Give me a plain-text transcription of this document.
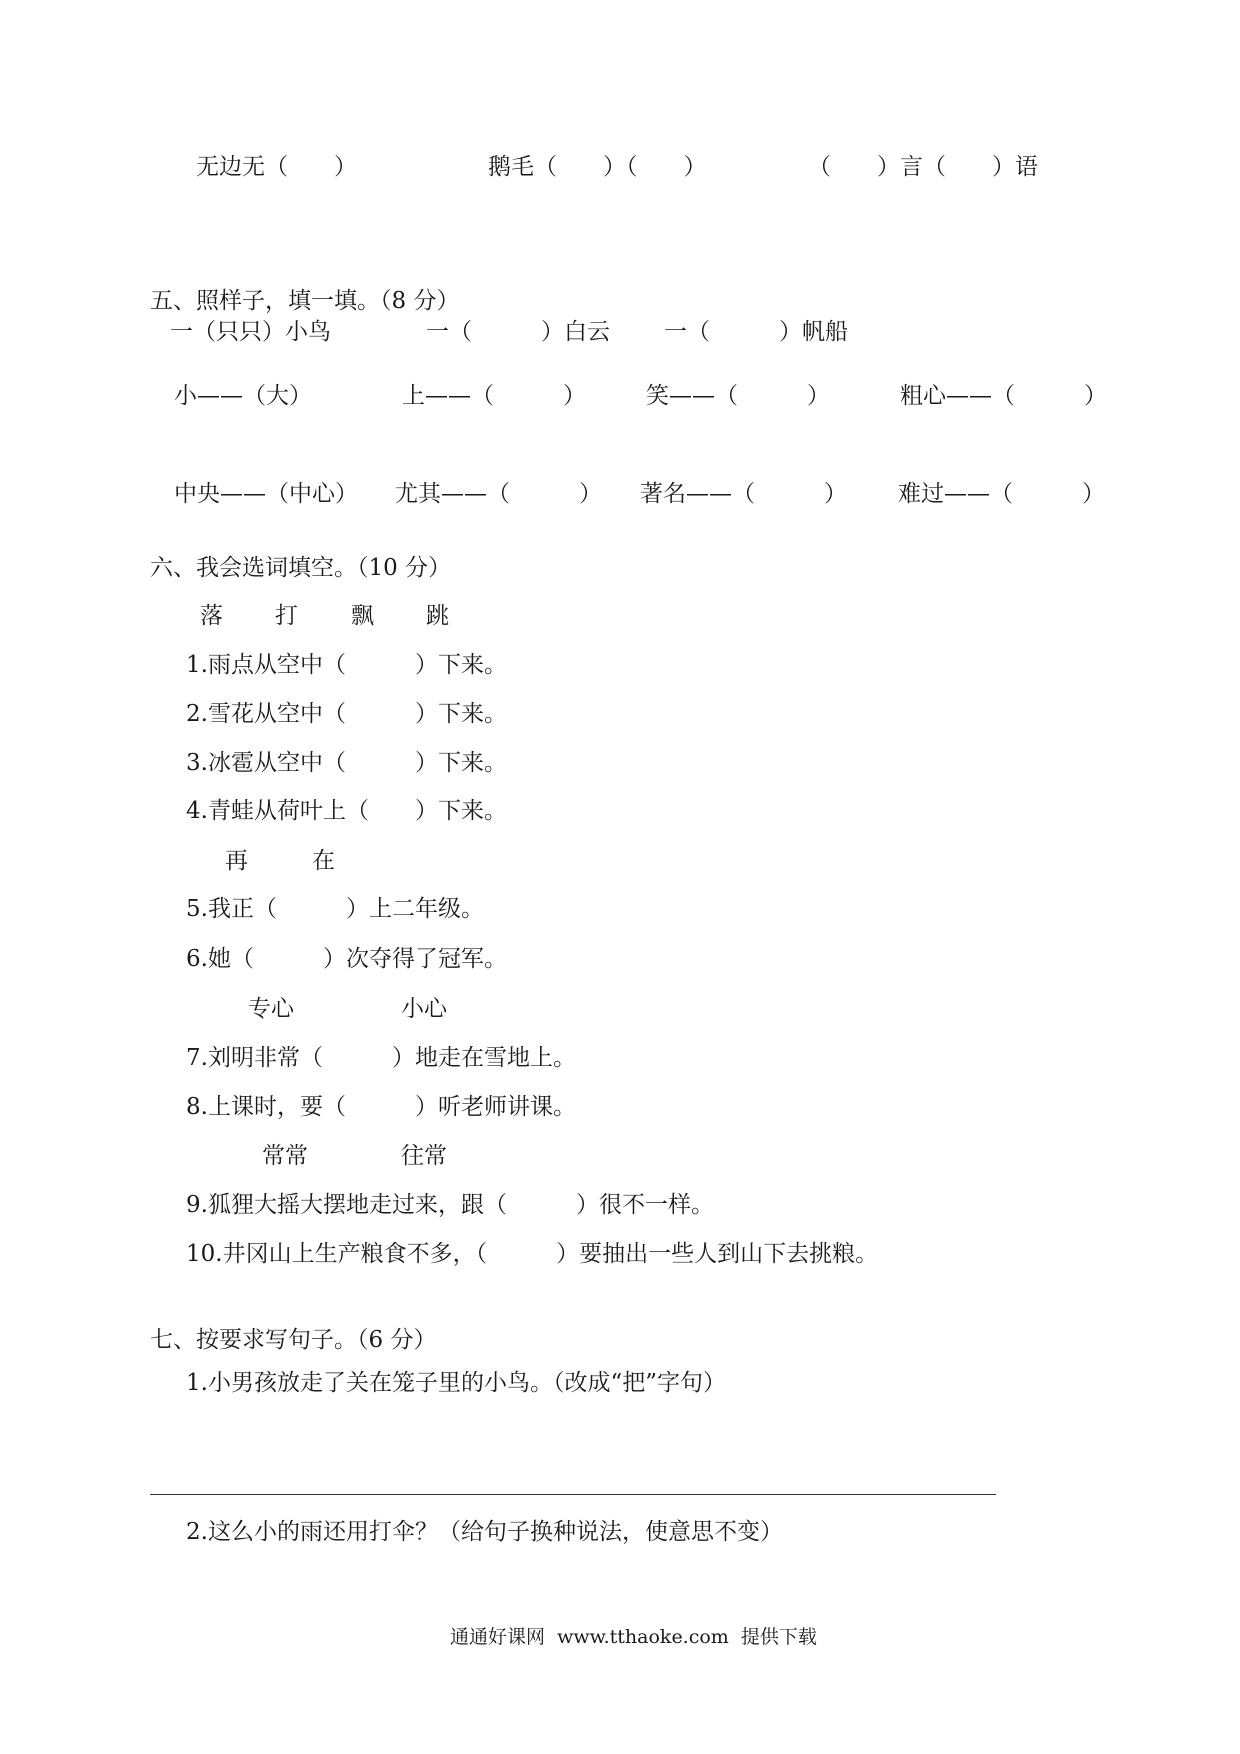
无边无（　　）	鹅毛（　　）（　　）	（　　）言（　　）语
五、照样子，填一填。（8 分）
一（只只）小鸟	一（　　　）白云 一（　　　）帆船
小——（大）	上——（　　　）	笑——（　　　）	粗心——（　　　）
中央——（中心） 尤其——（　　　） 著名——（　　　） 难过——（　　　）
六、我会选词填空。（10 分）
落 打 飘 跳
1.雨点从空中（　　　）下来。
2.雪花从空中（　　　）下来。
3.冰雹从空中（　　　）下来。
4.青蛙从荷叶上（　　）下来。
再	在
5.我正（　　　）上二年级。
6.她（　　　）次夺得了冠军。
专心	小心
7.刘明非常（　　　）地走在雪地上。
8.上课时，要（　　　）听老师讲课。
常常	往常
9.狐狸大摇大摆地走过来，跟（　　　）很不一样。
10.井冈山上生产粮食不多，（　　　）要抽出一些人到山下去挑粮。
七、按要求写句子。（6 分）
1.小男孩放走了关在笼子里的小鸟。（改成“把”字句）
2.这么小的雨还用打伞？（给句子换种说法，使意思不变）
通通好课网  www.tthaoke.com  提供下载
